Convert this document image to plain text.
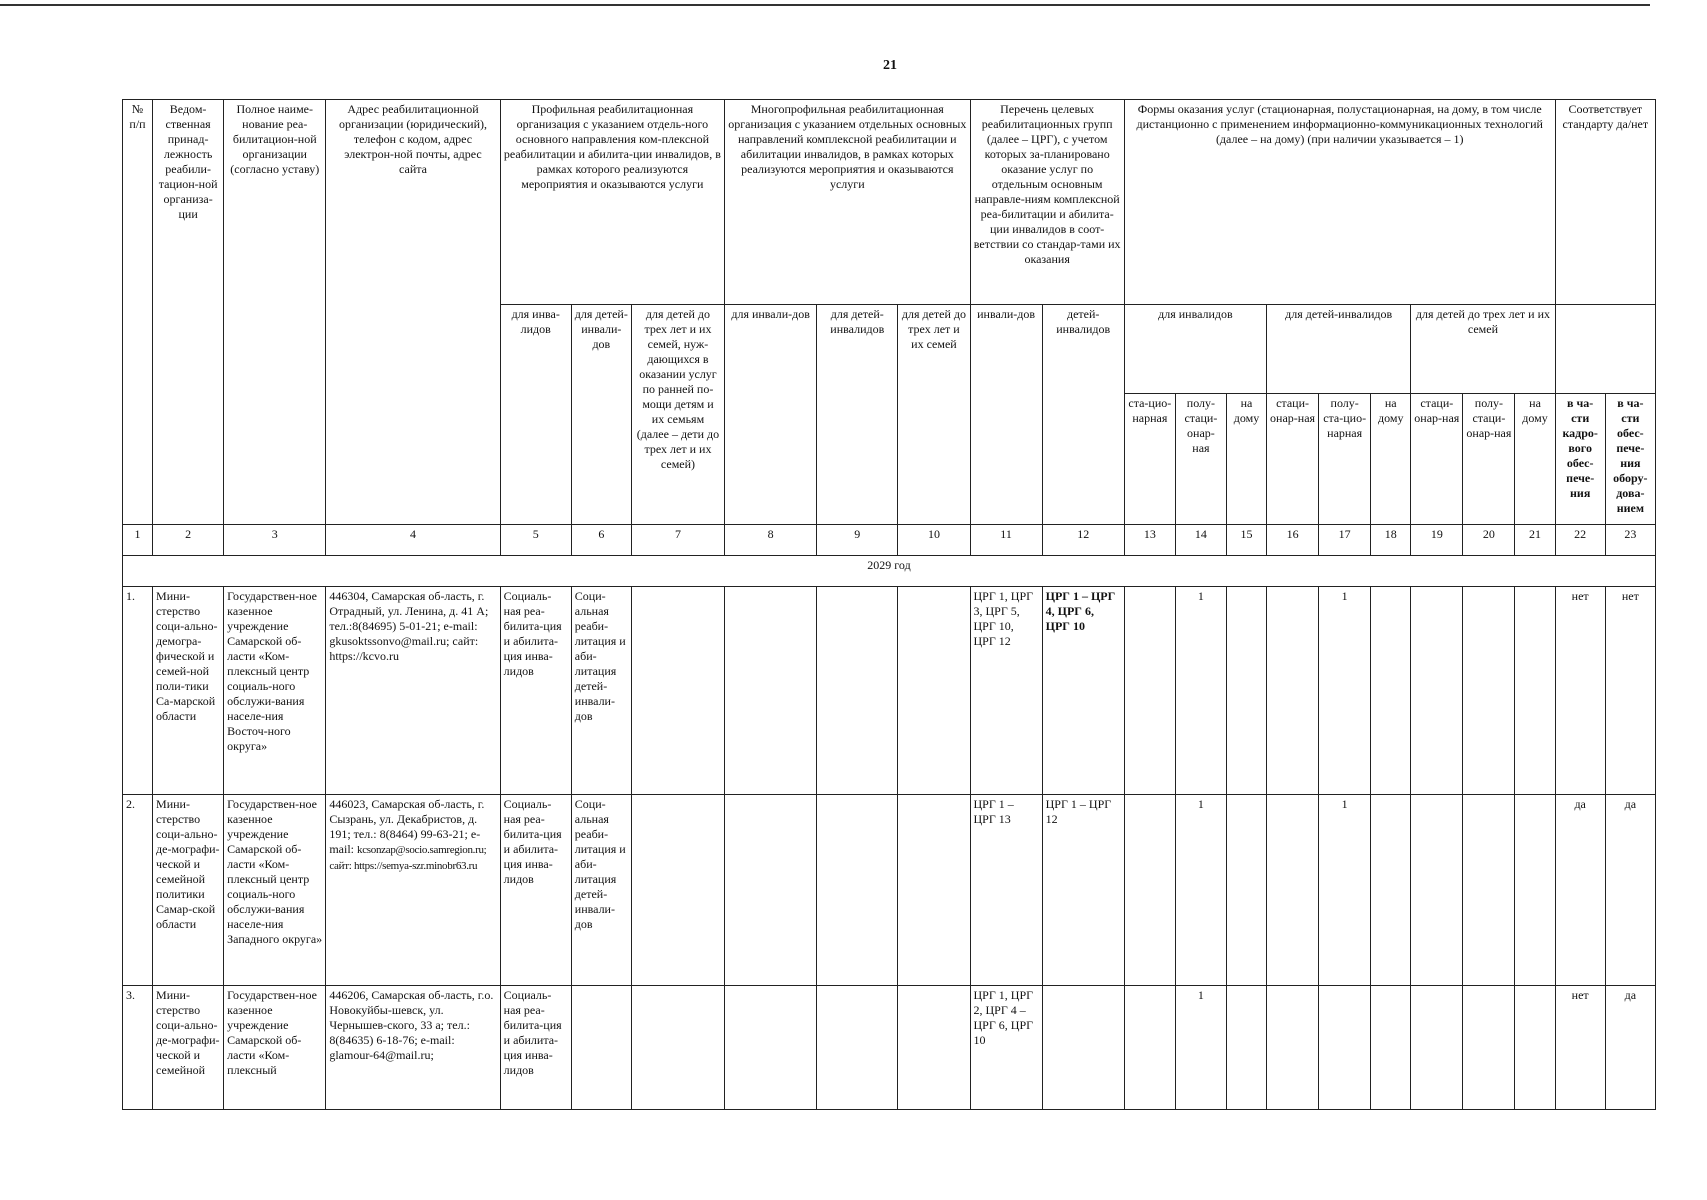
21
№ п/п	Ведом-ственная принад-лежность реабили-тацион-ной организа-ции	Полное наиме-нование реа-билитацион-ной организации (согласно уставу)	Адрес реабилитационной организации (юридический), телефон с кодом, адрес электрон-ной почты, адрес сайта	Профильная реабилитационная организация с указанием отдель-ного основного направления ком-плексной реабилитации и абилита-ции инвалидов, в рамках которого реализуются мероприятия и оказываются услуги			Многопрофильная реабилитационная организация с указанием отдельных основных направлений комплексной реабилитации и абилитации инвалидов, в рамках которых реализуются мероприятия и оказываются услуги			Перечень целевых реабилитационных групп (далее – ЦРГ), с учетом которых за-планировано оказание услуг по отдельным основным направле-ниям комплексной реа-билитации и абилита-ции инвалидов в соот-ветствии со стандар-тами их оказания		Формы оказания услуг (стационарная, полустационарная, на дому, в том числе дистанционно с применением информационно-коммуникационных технологий (далее – на дому) (при наличии указывается – 1)									Соответствует стандарту да/нет	
				для инва-лидов	для детей-инвали-дов	для детей до трех лет и их семей, нуж-дающихся в оказании услуг по ранней по-мощи детям и их семьям (далее – дети до трех лет и их семей)	для инвали-дов	для детей-инвалидов	для детей до трех лет и их семей	инвали-дов	детей-инвалидов	для инвалидов			для детей-инвалидов			для детей до трех лет и их семей				
												ста-цио-нарная	полу-стаци-онар-ная	на дому	стаци-онар-ная	полу-ста-цио-нарная	на дому	стаци-онар-ная	полу-стаци-онар-ная	на дому	в ча-сти кадро-вого обес-пече-ния	в ча-сти обес-пече-ния обору-дова-нием
1	2	3	4	5	6	7	8	9	10	11	12	13	14	15	16	17	18	19	20	21	22	23
2029 год																						
1.	Мини-стерство соци-ально-демогра-фической и семей-ной поли-тики Са-марской области	Государствен-ное казенное учреждение Самарской об-ласти «Ком-плексный центр социаль-ного обслужи-вания населе-ния Восточ-ного округа»	446304, Самарская об-ласть, г. Отрадный, ул. Ленина, д. 41 А; тел.:8(84695) 5-01-21; e-mail: gkusoktssonvo@mail.ru; сайт: https://kcvo.ru	Социаль-ная реа-билита-ция и абилита-ция инва-лидов	Соци-альная реаби-литация и аби-литация детей-инвали-дов					ЦРГ 1, ЦРГ 3, ЦРГ 5, ЦРГ 10, ЦРГ 12	ЦРГ 1 – ЦРГ 4, ЦРГ 6, ЦРГ 10		1			1					нет	нет
2.	Мини-стерство соци-ально-де-мографи-ческой и семейной политики Самар-ской области	Государствен-ное казенное учреждение Самарской об-ласти «Ком-плексный центр социаль-ного обслужи-вания населе-ния Западного округа»	446023, Самарская об-ласть, г. Сызрань, ул. Декабристов, д. 191; тел.: 8(8464) 99-63-21; e-mail: kcsonzap@socio.samregion.ru; сайт: https://semya-szr.minobr63.ru	Социаль-ная реа-билита-ция и абилита-ция инва-лидов	Соци-альная реаби-литация и аби-литация детей-инвали-дов					ЦРГ 1 – ЦРГ 13	ЦРГ 1 – ЦРГ 12		1			1					да	да
3.	Мини-стерство соци-ально-де-мографи-ческой и семейной	Государствен-ное казенное учреждение Самарской об-ласти «Ком-плексный	446206, Самарская об-ласть, г.о. Новокуйбы-шевск, ул. Чернышев-ского, 33 а; тел.: 8(84635) 6-18-76; e-mail: glamour-64@mail.ru;	Социаль-ная реа-билита-ция и абилита-ция инва-лидов						ЦРГ 1, ЦРГ 2, ЦРГ 4 – ЦРГ 6, ЦРГ 10			1								нет	да
